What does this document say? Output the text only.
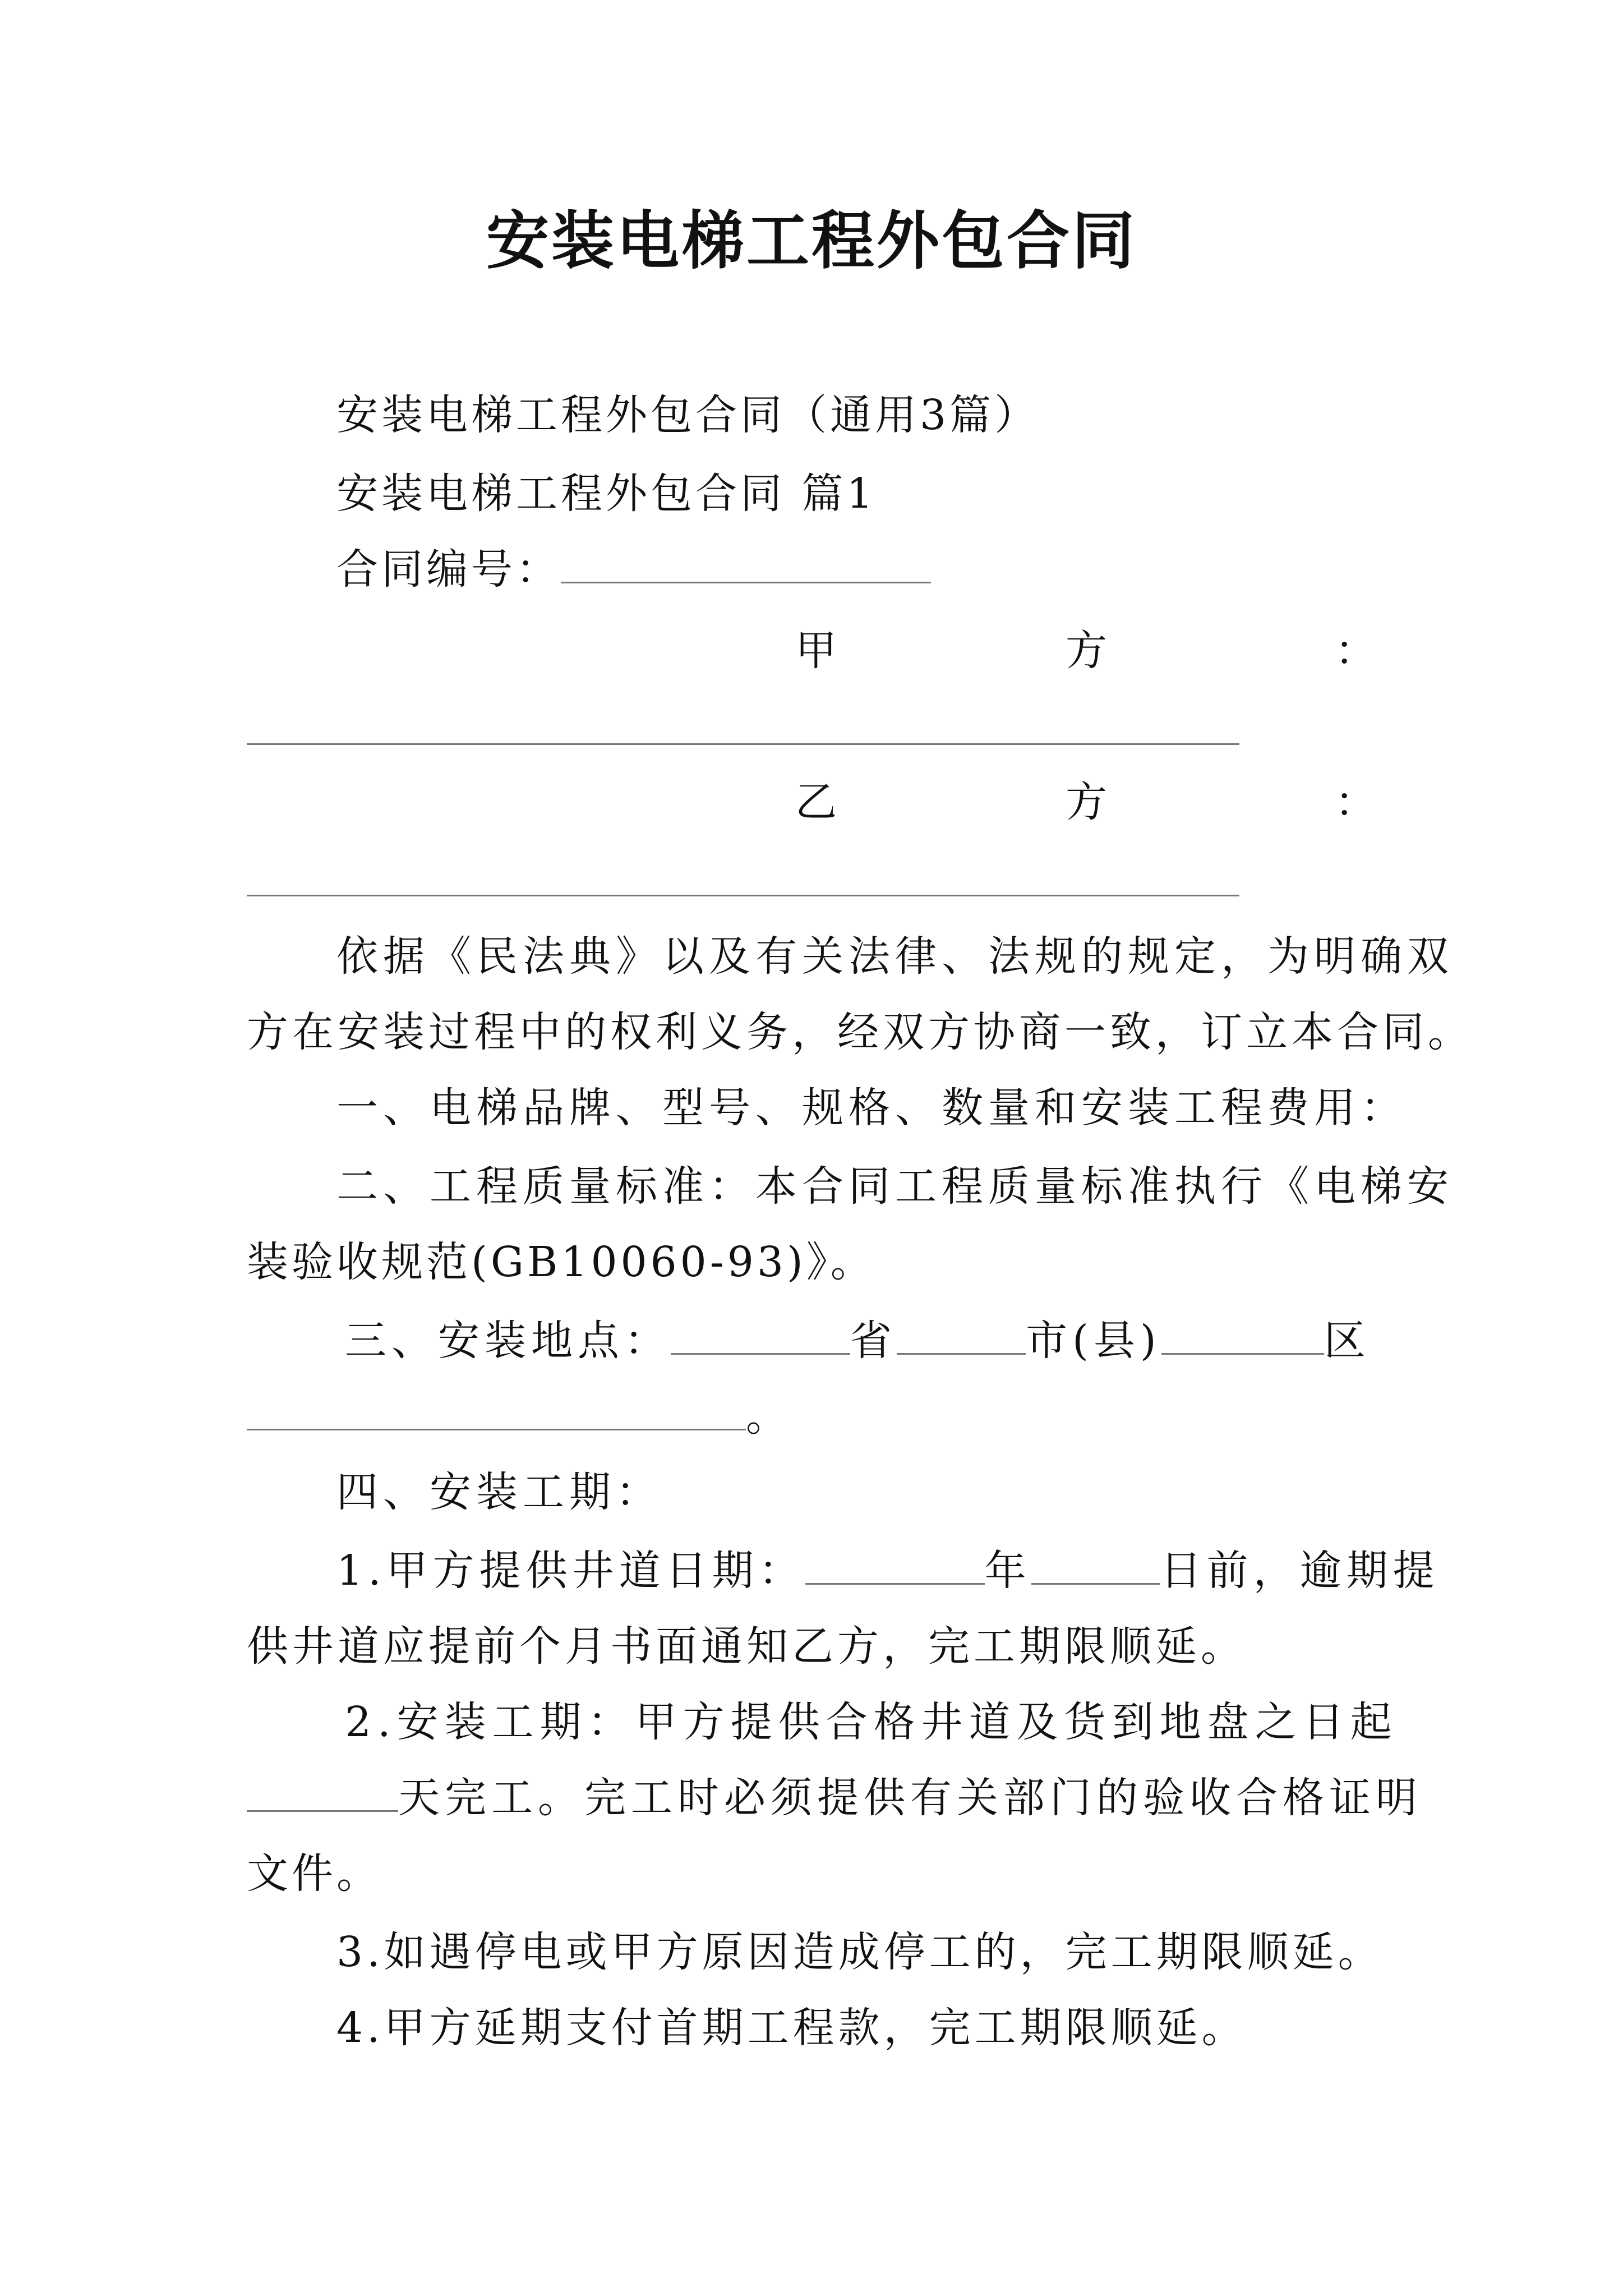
安装电梯工程外包合同
安装电梯工程外包合同（通用3篇）
安装电梯工程外包合同 篇1
合同编号：
甲	方	：
乙	方	：
依据《民法典》以及有关法律、法规的规定，为明确双
方在安装过程中的权利义务，经双方协商一致，订立本合同。
一、电梯品牌、型号、规格、数量和安装工程费用：
二、工程质量标准：本合同工程质量标准执行《电梯安
装验收规范(GB10060-93)》。
三、安装地点：	省	市(县)	区
。
四、安装工期：
1.甲方提供井道日期：	年	日前，逾期提
供井道应提前个月书面通知乙方，完工期限顺延。
2.安装工期：甲方提供合格井道及货到地盘之日起
天完工。完工时必须提供有关部门的验收合格证明
文件。
3.如遇停电或甲方原因造成停工的，完工期限顺延。
4.甲方延期支付首期工程款，完工期限顺延。
